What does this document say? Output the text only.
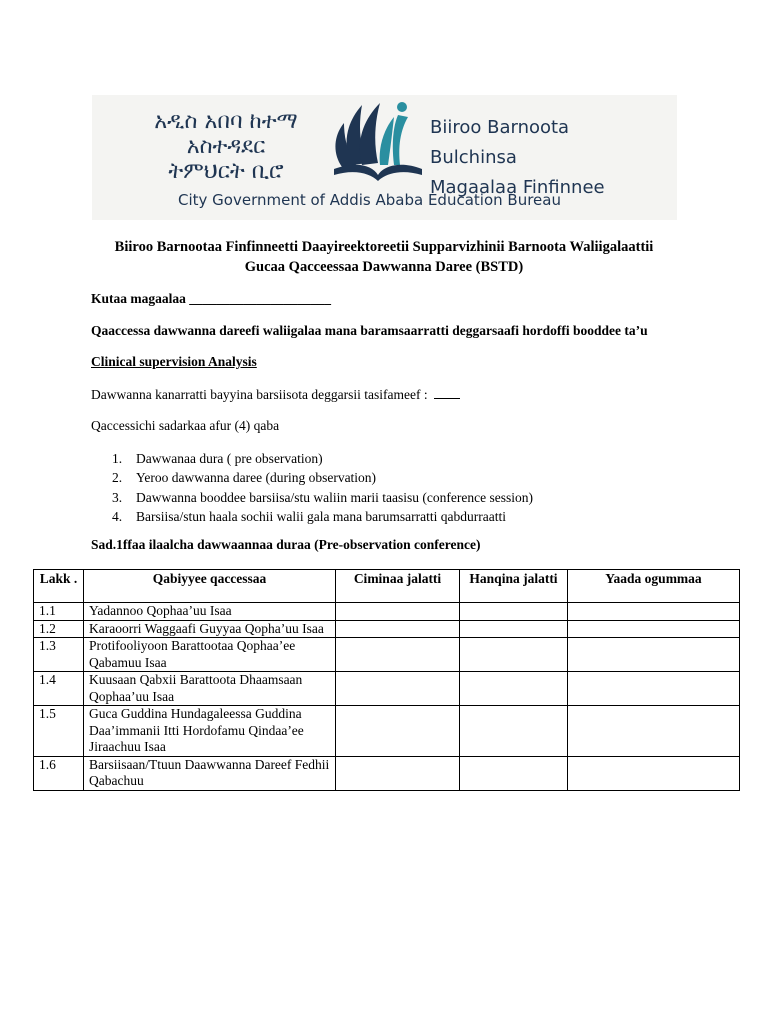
አዲስ አበባ ከተማ አስተዳደር
ትምህርት ቢሮ
Biiroo Barnoota Bulchinsa
Magaalaa Finfinnee
City Government of Addis Ababa Education Bureau
Biiroo Barnootaa Finfinneetti Daayireektoreetii Supparvizhinii Barnoota Waliigalaattii
Gucaa Qacceessaa Dawwanna Daree (BSTD)
Kutaa magaalaa _____________________
Qaaccessa dawwanna dareefi waliigalaa mana baramsaarratti deggarsaafi hordoffi booddee ta’u
Clinical supervision Analysis
Dawwanna kanarratti bayyina barsiisota deggarsii tasifameef :
Qaccessichi sadarkaa afur (4) qaba
1. Dawwanaa dura ( pre observation)
2. Yeroo dawwanna daree (during observation)
3. Dawwanna booddee barsiisa/stu waliin marii taasisu (conference session)
4. Barsiisa/stun haala sochii walii gala mana barumsarratti qabdurraatti
Sad.1ffaa ilaalcha dawwaannaa duraa (Pre-observation conference)
Lakk .	Qabiyyee qaccessaa	Ciminaa jalatti	Hanqina jalatti	Yaada ogummaa
1.1	Yadannoo Qophaa’uu Isaa			
1.2	Karaoorri Waggaafi Guyyaa Qopha’uu Isaa			
1.3	Protifooliyoon Barattootaa Qophaa’ee Qabamuu Isaa			
1.4	Kuusaan Qabxii Barattoota Dhaamsaan Qophaa’uu Isaa			
1.5	Guca Guddina Hundagaleessa Guddina Daa’immanii Itti Hordofamu Qindaa’ee Jiraachuu Isaa			
1.6	Barsiisaan/Ttuun Daawwanna Dareef Fedhii Qabachuu			
